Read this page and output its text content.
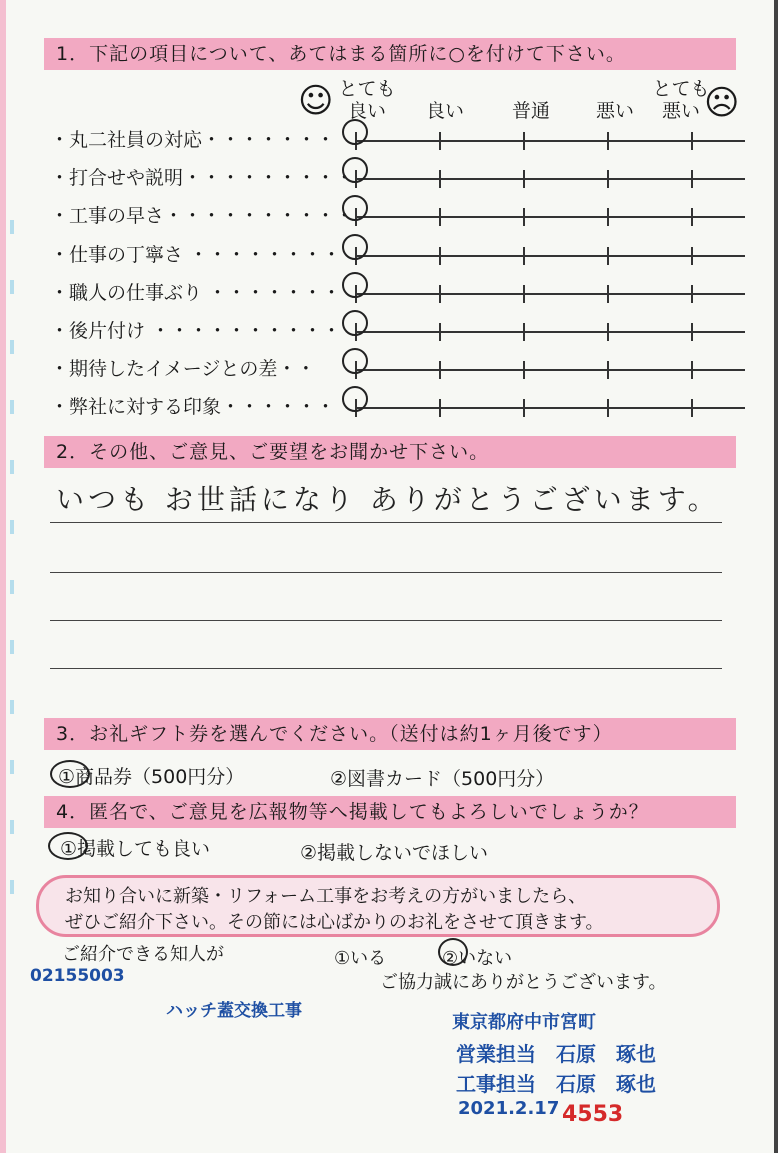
1．下記の項目について、あてはまる箇所に○を付けて下さい。
☺	☹
とても
良い	良い	普通	悪い
とても
悪い
・丸二社員の対応・・・・・・・
・打合せや説明・・・・・・・・・
・工事の早さ・・・・・・・・・・
・仕事の丁寧さ ・・・・・・・・
・職人の仕事ぶり ・・・・・・・
・後片付け ・・・・・・・・・・
・期待したイメージとの差・・
・弊社に対する印象・・・・・・
2．その他、ご意見、ご要望をお聞かせ下さい。
いつも お世話になり ありがとうございます。
3．お礼ギフト券を選んでください。（送付は約1ヶ月後です）
①商品券（500円分）	②図書カード（500円分）
4．匿名で、ご意見を広報物等へ掲載してもよろしいでしょうか？
①掲載しても良い	②掲載しないでほしい
お知り合いに新築・リフォーム工事をお考えの方がいましたら、
ぜひご紹介下さい。その節には心ばかりのお礼をさせて頂きます。
ご紹介できる知人が	①いる	②いない
ご協力誠にありがとうございます。
02155003
ハッチ蓋交換工事
東京都府中市宮町
営業担当　石原　琢也
工事担当　石原　琢也
2021.2.17 4553
